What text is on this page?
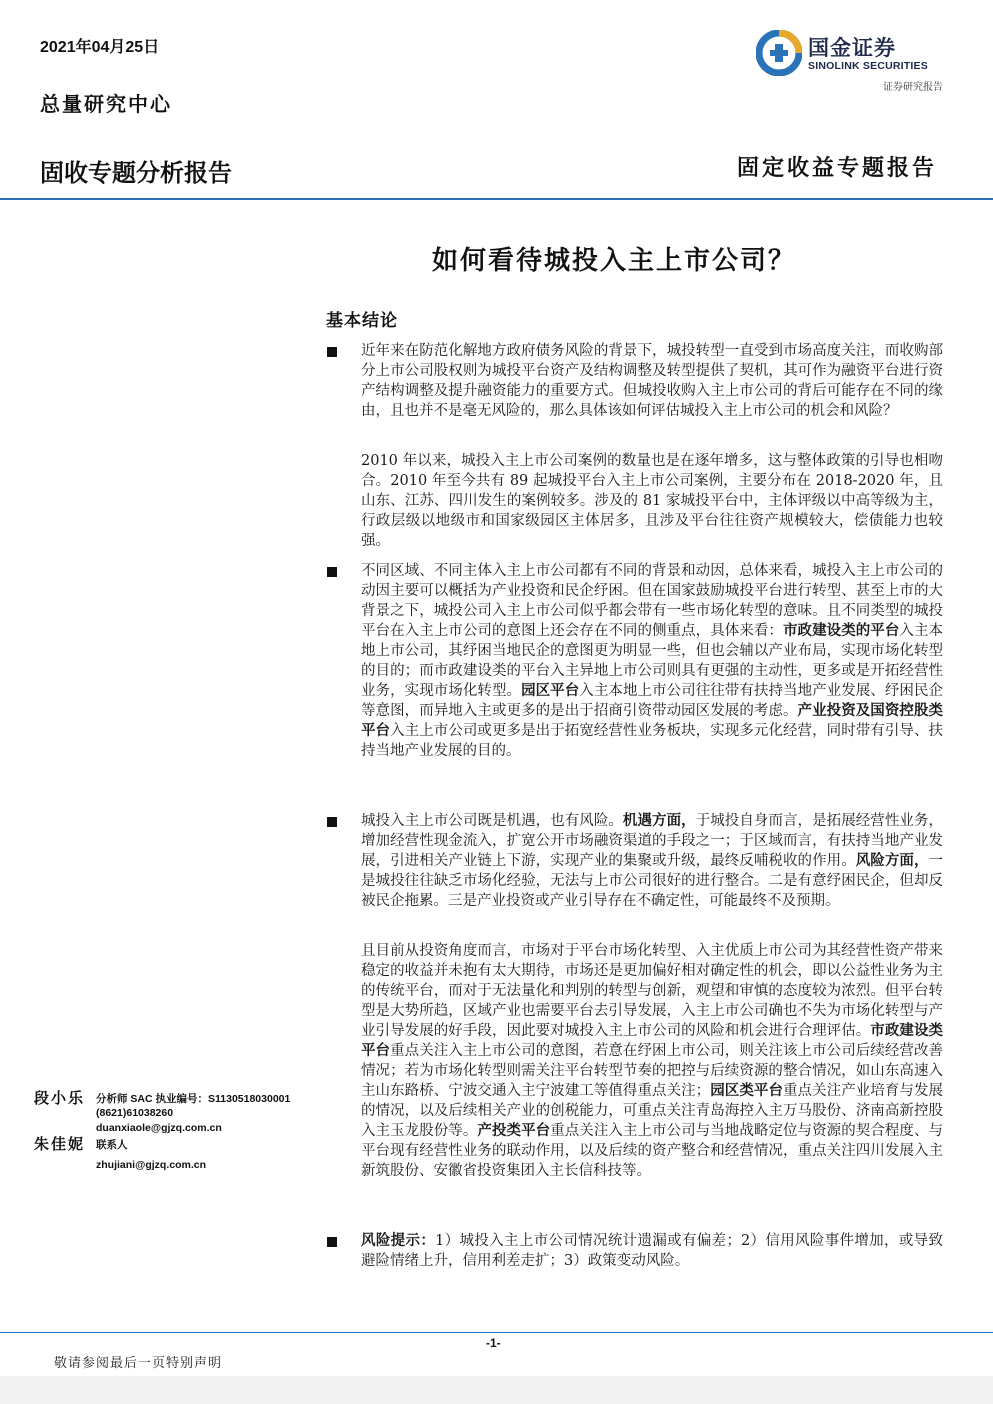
2021年04月25日
总量研究中心
固收专题分析报告	固定收益专题报告
国金证券
SINOLINK SECURITIES
证券研究报告
如何看待城投入主上市公司？
基本结论

近年来在防范化解地方政府债务风险的背景下，城投转型一直受到市场高度关注，而收购部分上市公司股权则为城投平台资产及结构调整及转型提供了契机，其可作为融资平台进行资产结构调整及提升融资能力的重要方式。但城投收购入主上市公司的背后可能存在不同的缘由，且也并不是毫无风险的，那么具体该如何评估城投入主上市公司的机会和风险？

2010 年以来，城投入主上市公司案例的数量也是在逐年增多，这与整体政策的引导也相吻合。2010 年至今共有 89 起城投平台入主上市公司案例，主要分布在 2018-2020 年，且山东、江苏、四川发生的案例较多。涉及的 81 家城投平台中，主体评级以中高等级为主，行政层级以地级市和国家级园区主体居多，且涉及平台往往资产规模较大，偿债能力也较强。

不同区域、不同主体入主上市公司都有不同的背景和动因，总体来看，城投入主上市公司的动因主要可以概括为产业投资和民企纾困。但在国家鼓励城投平台进行转型、甚至上市的大背景之下，城投公司入主上市公司似乎都会带有一些市场化转型的意味。且不同类型的城投平台在入主上市公司的意图上还会存在不同的侧重点，具体来看：市政建设类的平台入主本地上市公司，其纾困当地民企的意图更为明显一些，但也会辅以产业布局，实现市场化转型的目的；而市政建设类的平台入主异地上市公司则具有更强的主动性，更多或是开拓经营性业务，实现市场化转型。园区平台入主本地上市公司往往带有扶持当地产业发展、纾困民企等意图，而异地入主或更多的是出于招商引资带动园区发展的考虑。产业投资及国资控股类平台入主上市公司或更多是出于拓宽经营性业务板块，实现多元化经营，同时带有引导、扶持当地产业发展的目的。

城投入主上市公司既是机遇，也有风险。机遇方面，于城投自身而言，是拓展经营性业务，增加经营性现金流入，扩宽公开市场融资渠道的手段之一；于区域而言，有扶持当地产业发展，引进相关产业链上下游，实现产业的集聚或升级，最终反哺税收的作用。风险方面，一是城投往往缺乏市场化经验，无法与上市公司很好的进行整合。二是有意纾困民企，但却反被民企拖累。三是产业投资或产业引导存在不确定性，可能最终不及预期。

且目前从投资角度而言，市场对于平台市场化转型、入主优质上市公司为其经营性资产带来稳定的收益并未抱有太大期待，市场还是更加偏好相对确定性的机会，即以公益性业务为主的传统平台，而对于无法量化和判别的转型与创新，观望和审慎的态度较为浓烈。但平台转型是大势所趋，区域产业也需要平台去引导发展，入主上市公司确也不失为市场化转型与产业引导发展的好手段，因此要对城投入主上市公司的风险和机会进行合理评估。市政建设类平台重点关注入主上市公司的意图，若意在纾困上市公司，则关注该上市公司后续经营改善情况；若为市场化转型则需关注平台转型节奏的把控与后续资源的整合情况，如山东高速入主山东路桥、宁波交通入主宁波建工等值得重点关注；园区类平台重点关注产业培育与发展的情况，以及后续相关产业的创税能力，可重点关注青岛海控入主万马股份、济南高新控股入主玉龙股份等。产投类平台重点关注入主上市公司与当地战略定位与资源的契合程度、与平台现有经营性业务的联动作用，以及后续的资产整合和经营情况，重点关注四川发展入主新筑股份、安徽省投资集团入主长信科技等。

风险提示：1）城投入主上市公司情况统计遗漏或有偏差；2）信用风险事件增加，或导致避险情绪上升，信用利差走扩；3）政策变动风险。

段小乐 分析师 SAC 执业编号：S1130518030001
(8621)61038260
duanxiaole@gjzq.com.cn
朱佳妮 联系人
zhujiani@gjzq.com.cn
-1-
敬请参阅最后一页特别声明
